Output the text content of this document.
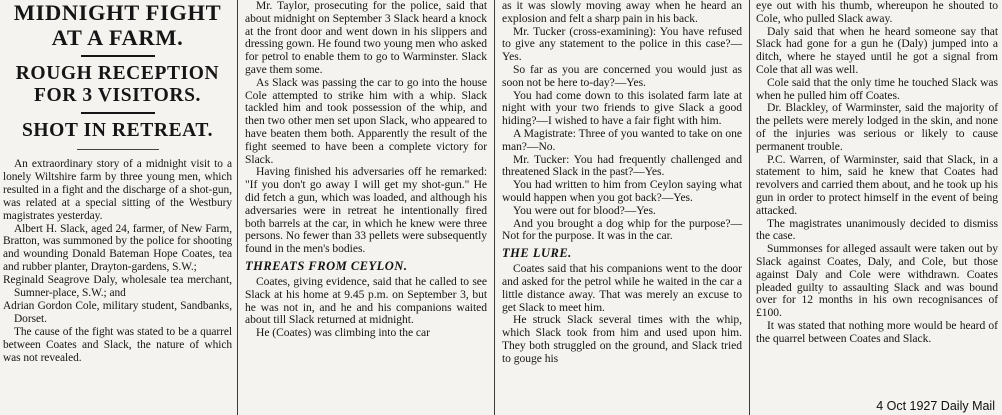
MIDNIGHT FIGHT
AT A FARM.
ROUGH RECEPTION
FOR 3 VISITORS.
SHOT IN RETREAT.

An extraordinary story of a midnight visit to a lonely Wiltshire farm by three young men, which resulted in a fight and the discharge of a shot-gun, was related at a special sitting of the Westbury magistrates yesterday.

Albert H. Slack, aged 24, farmer, of New Farm, Bratton, was summoned by the police for shooting and wounding Donald Bateman Hope Coates, tea and rubber planter, Drayton-gardens, S.W.;

Reginald Seagrove Daly, wholesale tea merchant, Sumner-place, S.W.; and

Adrian Gordon Cole, military student, Sandbanks, Dorset.

The cause of the fight was stated to be a quarrel between Coates and Slack, the nature of which was not revealed.

Mr. Taylor, prosecuting for the police, said that about midnight on September 3 Slack heard a knock at the front door and went down in his slippers and dressing gown. He found two young men who asked for petrol to enable them to go to Warminster. Slack gave them some.

As Slack was passing the car to go into the house Cole attempted to strike him with a whip. Slack tackled him and took possession of the whip, and then two other men set upon Slack, who appeared to have beaten them both. Apparently the result of the fight seemed to have been a complete victory for Slack.

Having finished his adversaries off he remarked: "If you don't go away I will get my shot-gun." He did fetch a gun, which was loaded, and although his adversaries were in retreat he intentionally fired both barrels at the car, in which he knew were three persons. No fewer than 33 pellets were subsequently found in the men's bodies.

THREATS FROM CEYLON.

Coates, giving evidence, said that he called to see Slack at his home at 9.45 p.m. on September 3, but he was not in, and he and his companions waited about till Slack returned at midnight.

He (Coates) was climbing into the car

as it was slowly moving away when he heard an explosion and felt a sharp pain in his back.

Mr. Tucker (cross-examining): You have refused to give any statement to the police in this case?—Yes.

So far as you are concerned you would just as soon not be here to-day?—Yes.

You had come down to this isolated farm late at night with your two friends to give Slack a good hiding?—I wished to have a fair fight with him.

A Magistrate: Three of you wanted to take on one man?—No.

Mr. Tucker: You had frequently challenged and threatened Slack in the past?—Yes.

You had written to him from Ceylon saying what would happen when you got back?—Yes.

You were out for blood?—Yes.

And you brought a dog whip for the purpose?—Not for the purpose. It was in the car.

THE LURE.

Coates said that his companions went to the door and asked for the petrol while he waited in the car a little distance away. That was merely an excuse to get Slack to meet him.

He struck Slack several times with the whip, which Slack took from him and used upon him. They both struggled on the ground, and Slack tried to gouge his

eye out with his thumb, whereupon he shouted to Cole, who pulled Slack away.

Daly said that when he heard someone say that Slack had gone for a gun he (Daly) jumped into a ditch, where he stayed until he got a signal from Cole that all was well.

Cole said that the only time he touched Slack was when he pulled him off Coates.

Dr. Blackley, of Warminster, said the majority of the pellets were merely lodged in the skin, and none of the injuries was serious or likely to cause permanent trouble.

P.C. Warren, of Warminster, said that Slack, in a statement to him, said he knew that Coates had revolvers and carried them about, and he took up his gun in order to protect himself in the event of being attacked.

The magistrates unanimously decided to dismiss the case.

Summonses for alleged assault were taken out by Slack against Coates, Daly, and Cole, but those against Daly and Cole were withdrawn. Coates pleaded guilty to assaulting Slack and was bound over for 12 months in his own recognisances of £100.

It was stated that nothing more would be heard of the quarrel between Coates and Slack.

4 Oct 1927 Daily Mail
